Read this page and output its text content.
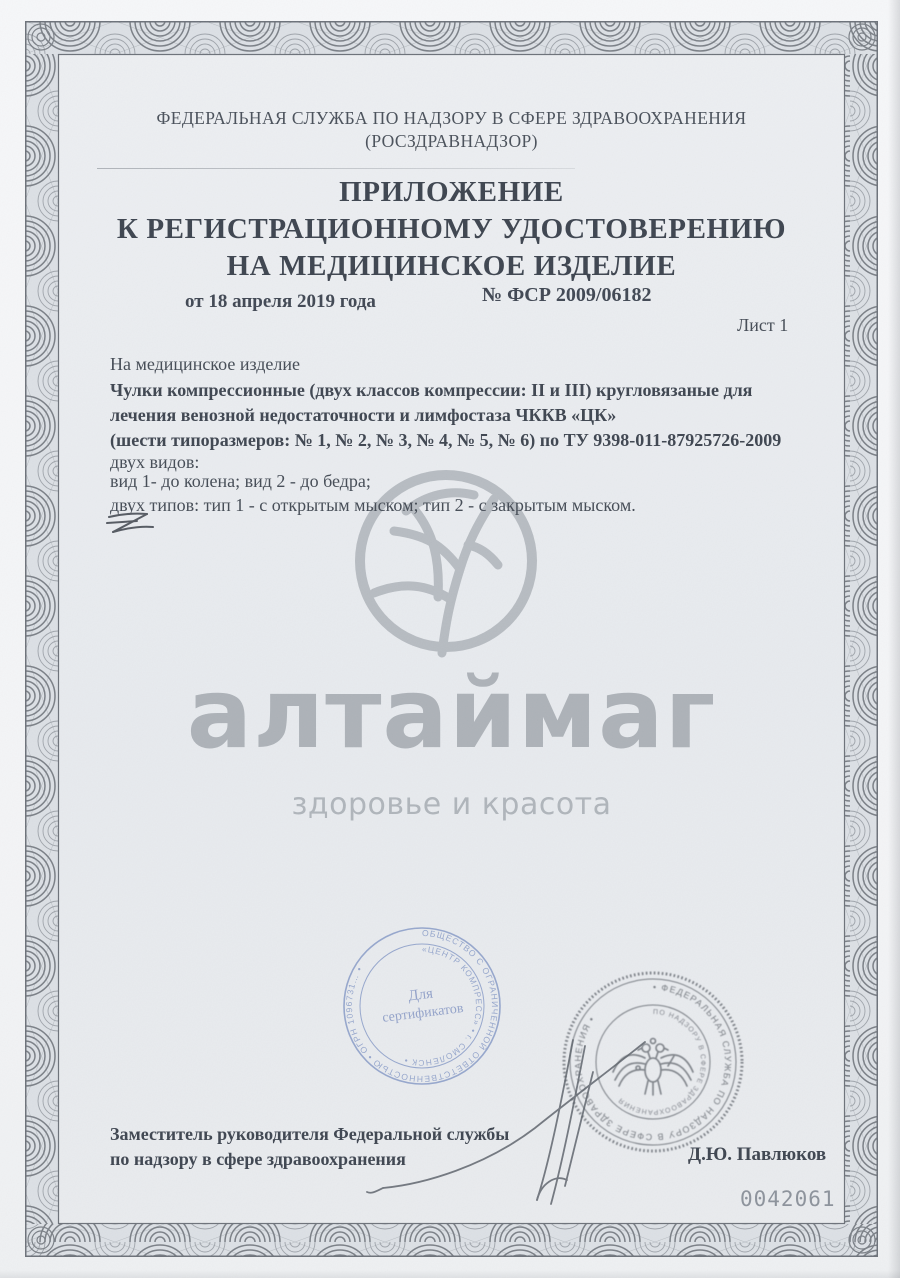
ФЕДЕРАЛЬНАЯ СЛУЖБА ПО НАДЗОРУ В СФЕРЕ ЗДРАВООХРАНЕНИЯ
(РОСЗДРАВНАДЗОР)
ПРИЛОЖЕНИЕ
К РЕГИСТРАЦИОННОМУ УДОСТОВЕРЕНИЮ
НА МЕДИЦИНСКОЕ ИЗДЕЛИЕ
от 18 апреля 2019 года	№ ФСР 2009/06182
Лист 1
На медицинское изделие
Чулки компрессионные (двух классов компрессии: II и III) кругловязаные для
лечения венозной недостаточности и лимфостаза ЧККВ «ЦК»
(шести типоразмеров: № 1, № 2, № 3, № 4, № 5, № 6) по ТУ 9398-011-87925726-2009
двух видов:
вид 1- до колена; вид 2 - до бедра;
двух типов: тип 1 - с открытым мыском; тип 2 - с закрытым мыском.
алтаймаг
здоровье и красота
ОБЩЕСТВО С ОГРАНИЧЕННОЙ ОТВЕТСТВЕННОСТЬЮ • ОГРН 1096731… •
«ЦЕНТР КОМПРЕСС» • г. СМОЛЕНСК •
Для
сертификатов
• ФЕДЕРАЛЬНАЯ СЛУЖБА ПО НАДЗОРУ В СФЕРЕ ЗДРАВООХРАНЕНИЯ •
ПО НАДЗОРУ В СФЕРЕ ЗДРАВООХРАНЕНИЯ
Заместитель руководителя Федеральной службы
по надзору в сфере здравоохранения	Д.Ю. Павлюков
0042061
